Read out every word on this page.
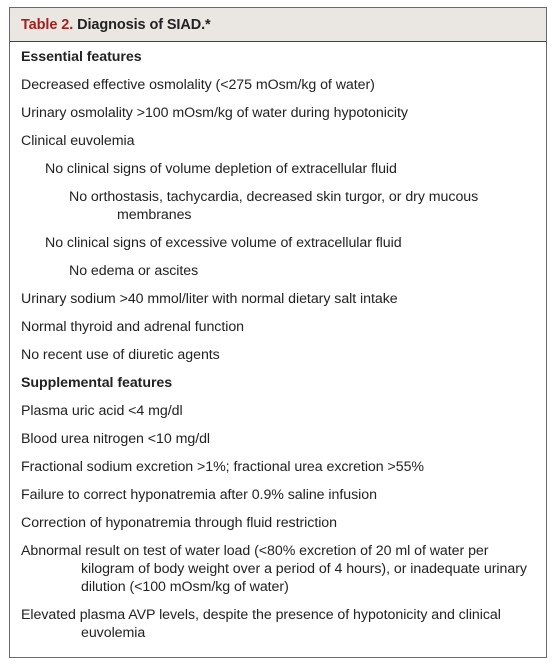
Table 2. Diagnosis of SIAD.*
Essential features
Decreased effective osmolality (<275 mOsm/kg of water)
Urinary osmolality >100 mOsm/kg of water during hypotonicity
Clinical euvolemia
No clinical signs of volume depletion of extracellular fluid
No orthostasis, tachycardia, decreased skin turgor, or dry mucous membranes
No clinical signs of excessive volume of extracellular fluid
No edema or ascites
Urinary sodium >40 mmol/liter with normal dietary salt intake
Normal thyroid and adrenal function
No recent use of diuretic agents
Supplemental features
Plasma uric acid <4 mg/dl
Blood urea nitrogen <10 mg/dl
Fractional sodium excretion >1%; fractional urea excretion >55%
Failure to correct hyponatremia after 0.9% saline infusion
Correction of hyponatremia through fluid restriction
Abnormal result on test of water load (<80% excretion of 20 ml of water per kilogram of body weight over a period of 4 hours), or inadequate urinary dilution (<100 mOsm/kg of water)
Elevated plasma AVP levels, despite the presence of hypotonicity and clinical euvolemia
